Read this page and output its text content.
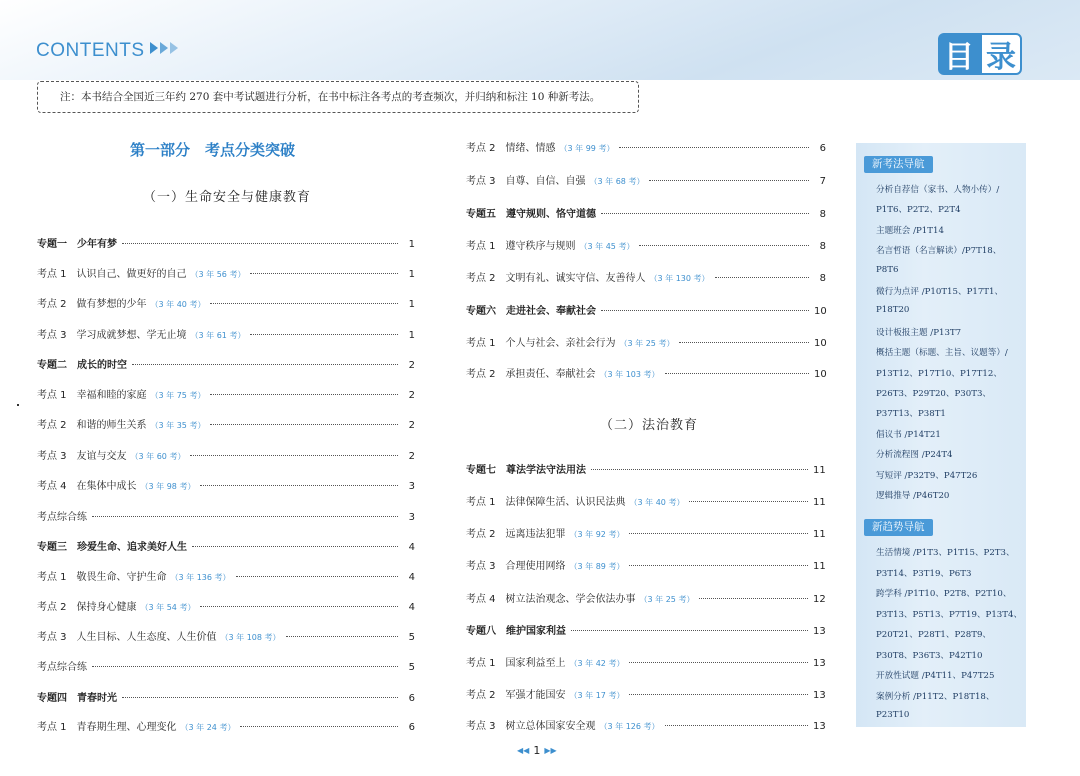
CONTENTS	目 录
注：本书结合全国近三年约 270 套中考试题进行分析，在书中标注各考点的考查频次，并归纳和标注 10 种新考法。
第一部分　考点分类突破
（一）生命安全与健康教育
（二）法治教育
专题一　少年有梦	1
考点 1　认识自己、做更好的自己 （3 年 56 考）	1
考点 2　做有梦想的少年 （3 年 40 考）	1
考点 3　学习成就梦想、学无止境 （3 年 61 考）	1
专题二　成长的时空	2
考点 1　幸福和睦的家庭 （3 年 75 考）	2
考点 2　和谐的师生关系 （3 年 35 考）	2
考点 3　友谊与交友 （3 年 60 考）	2
考点 4　在集体中成长 （3 年 98 考）	3
考点综合练	3
专题三　珍爱生命、追求美好人生	4
考点 1　敬畏生命、守护生命 （3 年 136 考）	4
考点 2　保持身心健康 （3 年 54 考）	4
考点 3　人生目标、人生态度、人生价值 （3 年 108 考）	5
考点综合练	5
专题四　青春时光	6
考点 1　青春期生理、心理变化 （3 年 24 考）	6
考点 2　情绪、情感 （3 年 99 考）	6
考点 3　自尊、自信、自强 （3 年 68 考）	7
专题五　遵守规则、恪守道德	8
考点 1　遵守秩序与规则 （3 年 45 考）	8
考点 2　文明有礼、诚实守信、友善待人 （3 年 130 考）	8
专题六　走进社会、奉献社会	10
考点 1　个人与社会、亲社会行为 （3 年 25 考）	10
考点 2　承担责任、奉献社会 （3 年 103 考）	10
专题七　尊法学法守法用法	11
考点 1　法律保障生活、认识民法典 （3 年 40 考）	11
考点 2　远离违法犯罪 （3 年 92 考）	11
考点 3　合理使用网络 （3 年 89 考）	11
考点 4　树立法治观念、学会依法办事 （3 年 25 考）	12
专题八　维护国家利益	13
考点 1　国家利益至上 （3 年 42 考）	13
考点 2　军强才能国安 （3 年 17 考）	13
考点 3　树立总体国家安全观 （3 年 126 考）	13
新考法导航
分析自荐信（家书、人物小传）/
P1T6、P2T2、P2T4
主题班会 /P1T14
名言哲语（名言解读）/P7T18、
P8T6
微行为点评 /P10T15、P17T1、
P18T20
设计板报主题 /P13T7
概括主题（标题、主旨、议题等）/
P13T12、P17T10、P17T12、
P26T3、P29T20、P30T3、
P37T13、P38T1
倡议书 /P14T21
分析流程图 /P24T4
写短评 /P32T9、P47T26
逻辑推导 /P46T20
新趋势导航
生活情境 /P1T3、P1T15、P2T3、
P3T14、P3T19、P6T3
跨学科 /P1T10、P2T8、P2T10、
P3T13、P5T13、P7T19、P13T4、
P20T21、P28T1、P28T9、
P30T8、P36T3、P42T10
开放性试题 /P4T11、P47T25
案例分析 /P11T2、P18T18、
P23T10
◀◀ 1 ▶▶
